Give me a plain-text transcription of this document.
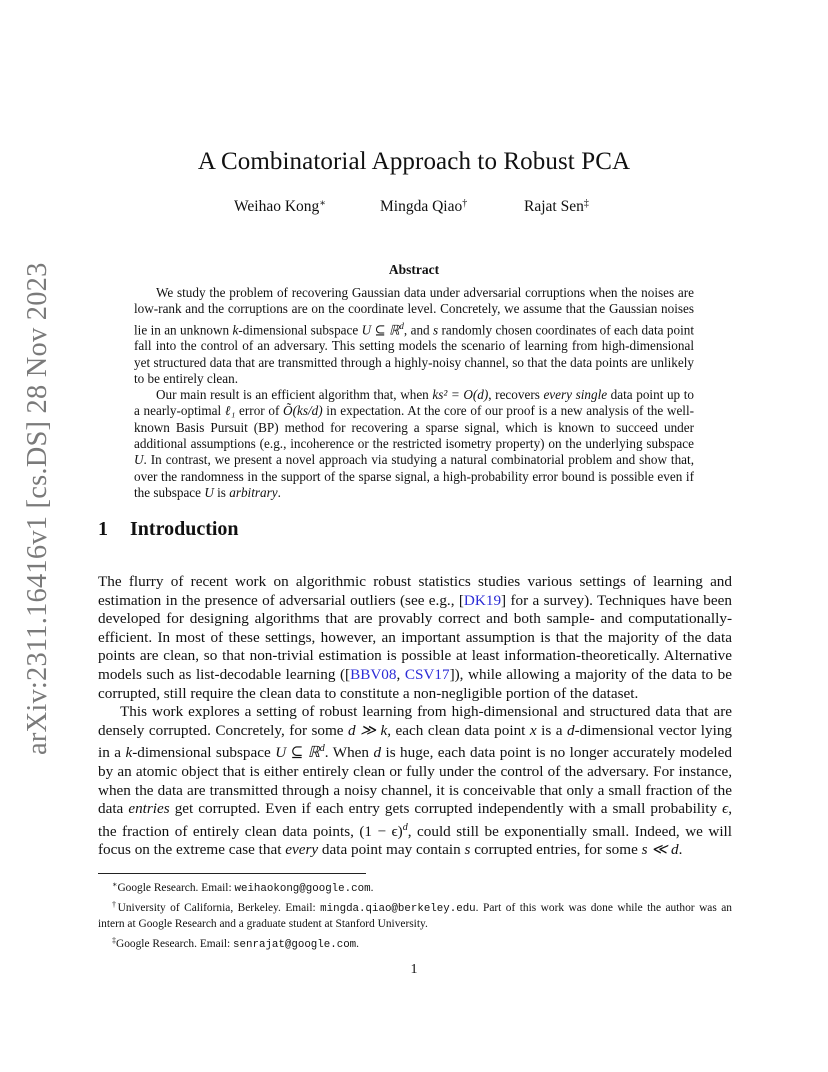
arXiv:2311.16416v1 [cs.DS] 28 Nov 2023
A Combinatorial Approach to Robust PCA
Weihao Kong∗	Mingda Qiao†	Rajat Sen‡
Abstract

We study the problem of recovering Gaussian data under adversarial corruptions when the noises are low-rank and the corruptions are on the coordinate level. Concretely, we assume that the Gaussian noises lie in an unknown k-dimensional subspace U ⊆ ℝ$^d$, and s randomly chosen coordinates of each data point fall into the control of an adversary. This setting models the scenario of learning from high-dimensional yet structured data that are transmitted through a highly-noisy channel, so that the data points are unlikely to be entirely clean.

Our main result is an efficient algorithm that, when ks² = O(d), recovers every single data point up to a nearly-optimal ℓ₁ error of Õ(ks/d) in expectation. At the core of our proof is a new analysis of the well-known Basis Pursuit (BP) method for recovering a sparse signal, which is known to succeed under additional assumptions (e.g., incoherence or the restricted isometry property) on the underlying subspace U. In contrast, we present a novel approach via studying a natural combinatorial problem and show that, over the randomness in the support of the sparse signal, a high-probability error bound is possible even if the subspace U is arbitrary.

1 Introduction

The flurry of recent work on algorithmic robust statistics studies various settings of learning and estimation in the presence of adversarial outliers (see e.g., [DK19] for a survey). Techniques have been developed for designing algorithms that are provably correct and both sample- and computationally-efficient. In most of these settings, however, an important assumption is that the majority of the data points are clean, so that non-trivial estimation is possible at least information-theoretically. Alternative models such as list-decodable learning ([BBV08, CSV17]), while allowing a majority of the data to be corrupted, still require the clean data to constitute a non-negligible portion of the dataset.

This work explores a setting of robust learning from high-dimensional and structured data that are densely corrupted. Concretely, for some d ≫ k, each clean data point x is a d-dimensional vector lying in a k-dimensional subspace U ⊆ ℝ$^d$. When d is huge, each data point is no longer accurately modeled by an atomic object that is either entirely clean or fully under the control of the adversary. For instance, when the data are transmitted through a noisy channel, it is conceivable that only a small fraction of the data entries get corrupted. Even if each entry gets corrupted independently with a small probability ϵ, the fraction of entirely clean data points, $(1 - \epsilon)^d$, could still be exponentially small. Indeed, we will focus on the extreme case that every data point may contain s corrupted entries, for some s ≪ d.

∗Google Research. Email: weihaokong@google.com.

†University of California, Berkeley. Email: mingda.qiao@berkeley.edu. Part of this work was done while the author was an intern at Google Research and a graduate student at Stanford University.

‡Google Research. Email: senrajat@google.com.

1
